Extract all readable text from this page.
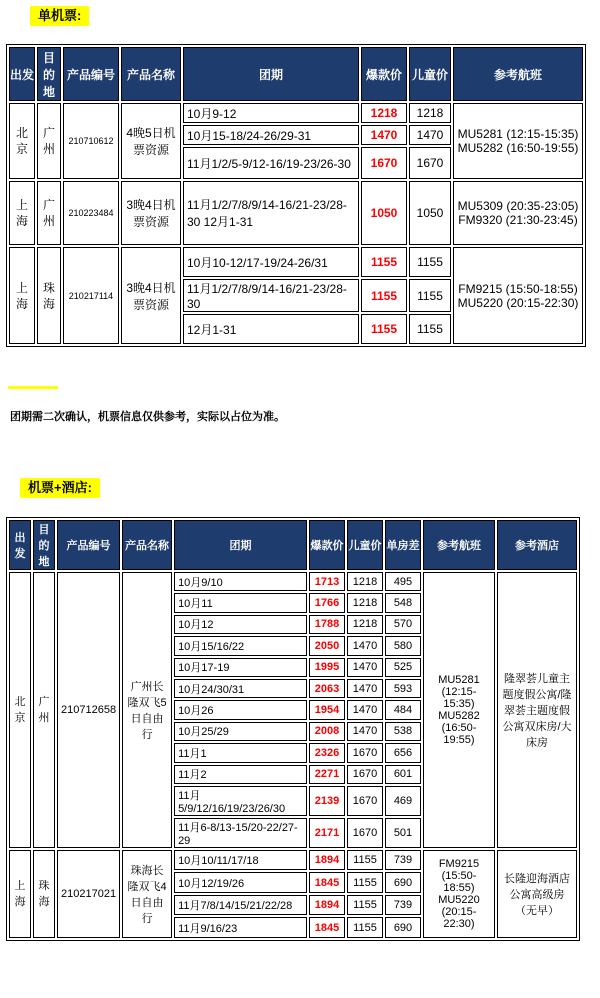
单机票:
出发	目的地	产品编号	产品名称	团期	爆款价	儿童价	参考航班
北京	广州	210710612	4晚5日机票资源	10月9-12	1218	1218	MU5281 (12:15-15:35) MU5282 (16:50-19:55)
				10月15-18/24-26/29-31	1470	1470	
				11月1/2/5-9/12-16/19-23/26-30	1670	1670	
上海	广州	210223484	3晚4日机票资源	11月1/2/7/8/9/14-16/21-23/28-30 12月1-31	1050	1050	MU5309 (20:35-23:05) FM9320 (21:30-23:45)
上海	珠海	210217114	3晚4日机票资源	10月10-12/17-19/24-26/31	1155	1155	FM9215 (15:50-18:55) MU5220 (20:15-22:30)
				11月1/2/7/8/9/14-16/21-23/28-30	1155	1155	
				12月1-31	1155	1155	
团期需二次确认，机票信息仅供参考，实际以占位为准。
机票+酒店:
出发	目的地	产品编号	产品名称	团期	爆款价	儿童价	单房差	参考航班	参考酒店
北京	广州	210712658	广州长隆双飞5日自由行	10月9/10	1713	1218	495	MU5281 (12:15-15:35) MU5282 (16:50-19:55)	隆翠荟儿童主题度假公寓/隆翠荟主题度假公寓双床房/大床房
				10月11	1766	1218	548		
				10月12	1788	1218	570		
				10月15/16/22	2050	1470	580		
				10月17-19	1995	1470	525		
				10月24/30/31	2063	1470	593		
				10月26	1954	1470	484		
				10月25/29	2008	1470	538		
				11月1	2326	1670	656		
				11月2	2271	1670	601		
				11月5/9/12/16/19/23/26/30	2139	1670	469		
				11月6-8/13-15/20-22/27-29	2171	1670	501		
上海	珠海	210217021	珠海长隆双飞4日自由行	10月10/11/17/18	1894	1155	739	FM9215 (15:50-18:55) MU5220 (20:15-22:30)	长隆迎海酒店公寓高级房（无早）
				10月12/19/26	1845	1155	690		
				11月7/8/14/15/21/22/28	1894	1155	739		
				11月9/16/23	1845	1155	690		
